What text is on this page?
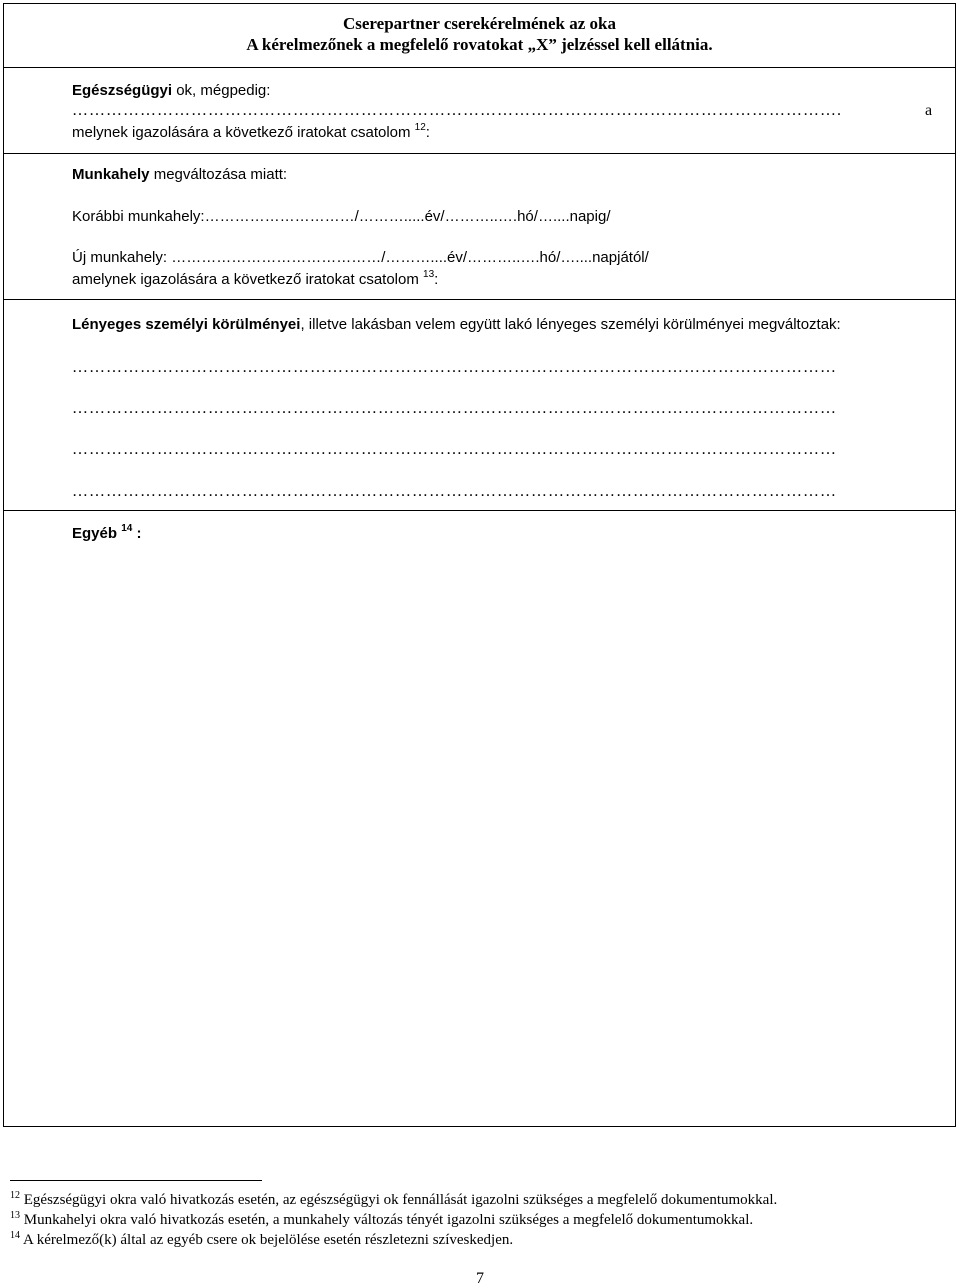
Cserepartner cserekérelmének az oka
A kérelmezőnek a megfelelő rovatokat „X” jelzéssel kell ellátnia.
Egészségügyi ok, mégpedig:
……………………………………………………………………………………………………………………….	a
melynek igazolására a következő iratokat csatolom $^{12}$:
Munkahely megváltozása miatt:
Korábbi munkahely:…………………………/……….....év/………..….hó/…....napig/
Új munkahely: ……………………………………/………....év/………..….hó/…....napjától/
amelynek igazolására a következő iratokat csatolom $^{13}$:
Lényeges személyi körülményei, illetve lakásban velem együtt lakó lényeges személyi körülményei megváltoztak:
………………………………………………………………………………………………………………………
………………………………………………………………………………………………………………………
………………………………………………………………………………………………………………………
………………………………………………………………………………………………………………………
Egyéb $^{14}$ :
$^{12}$ Egészségügyi okra való hivatkozás esetén, az egészségügyi ok fennállását igazolni szükséges a megfelelő dokumentumokkal.
$^{13}$ Munkahelyi okra való hivatkozás esetén, a munkahely változás tényét igazolni szükséges a megfelelő dokumentumokkal.
$^{14}$ A kérelmező(k) által az egyéb csere ok bejelölése esetén részletezni szíveskedjen.
7
